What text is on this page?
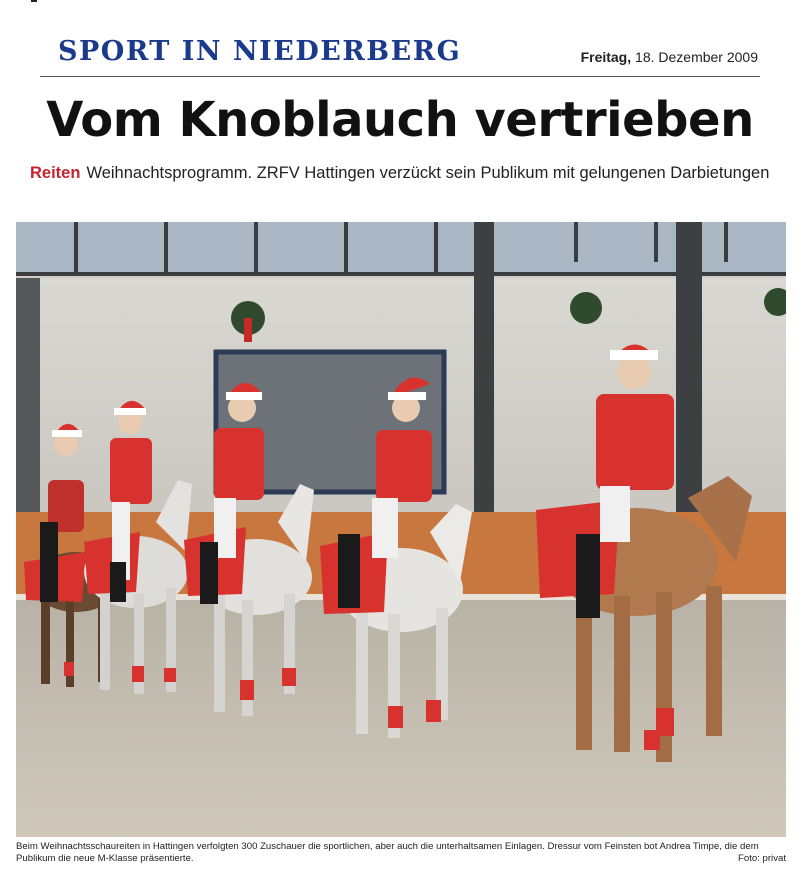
SPORT IN NIEDERBERG	Freitag, 18. Dezember 2009
Vom Knoblauch vertrieben
Reiten Weihnachtsprogramm. ZRFV Hattingen verzückt sein Publikum mit gelungenen Darbietungen
Beim Weihnachtsschaureiten in Hattingen verfolgten 300 Zuschauer die sportlichen, aber auch die unterhaltsamen Einlagen. Dressur vom Feinsten bot Andrea Timpe, die dem Publikum die neue M-Klasse präsentierte.	Foto: privat
